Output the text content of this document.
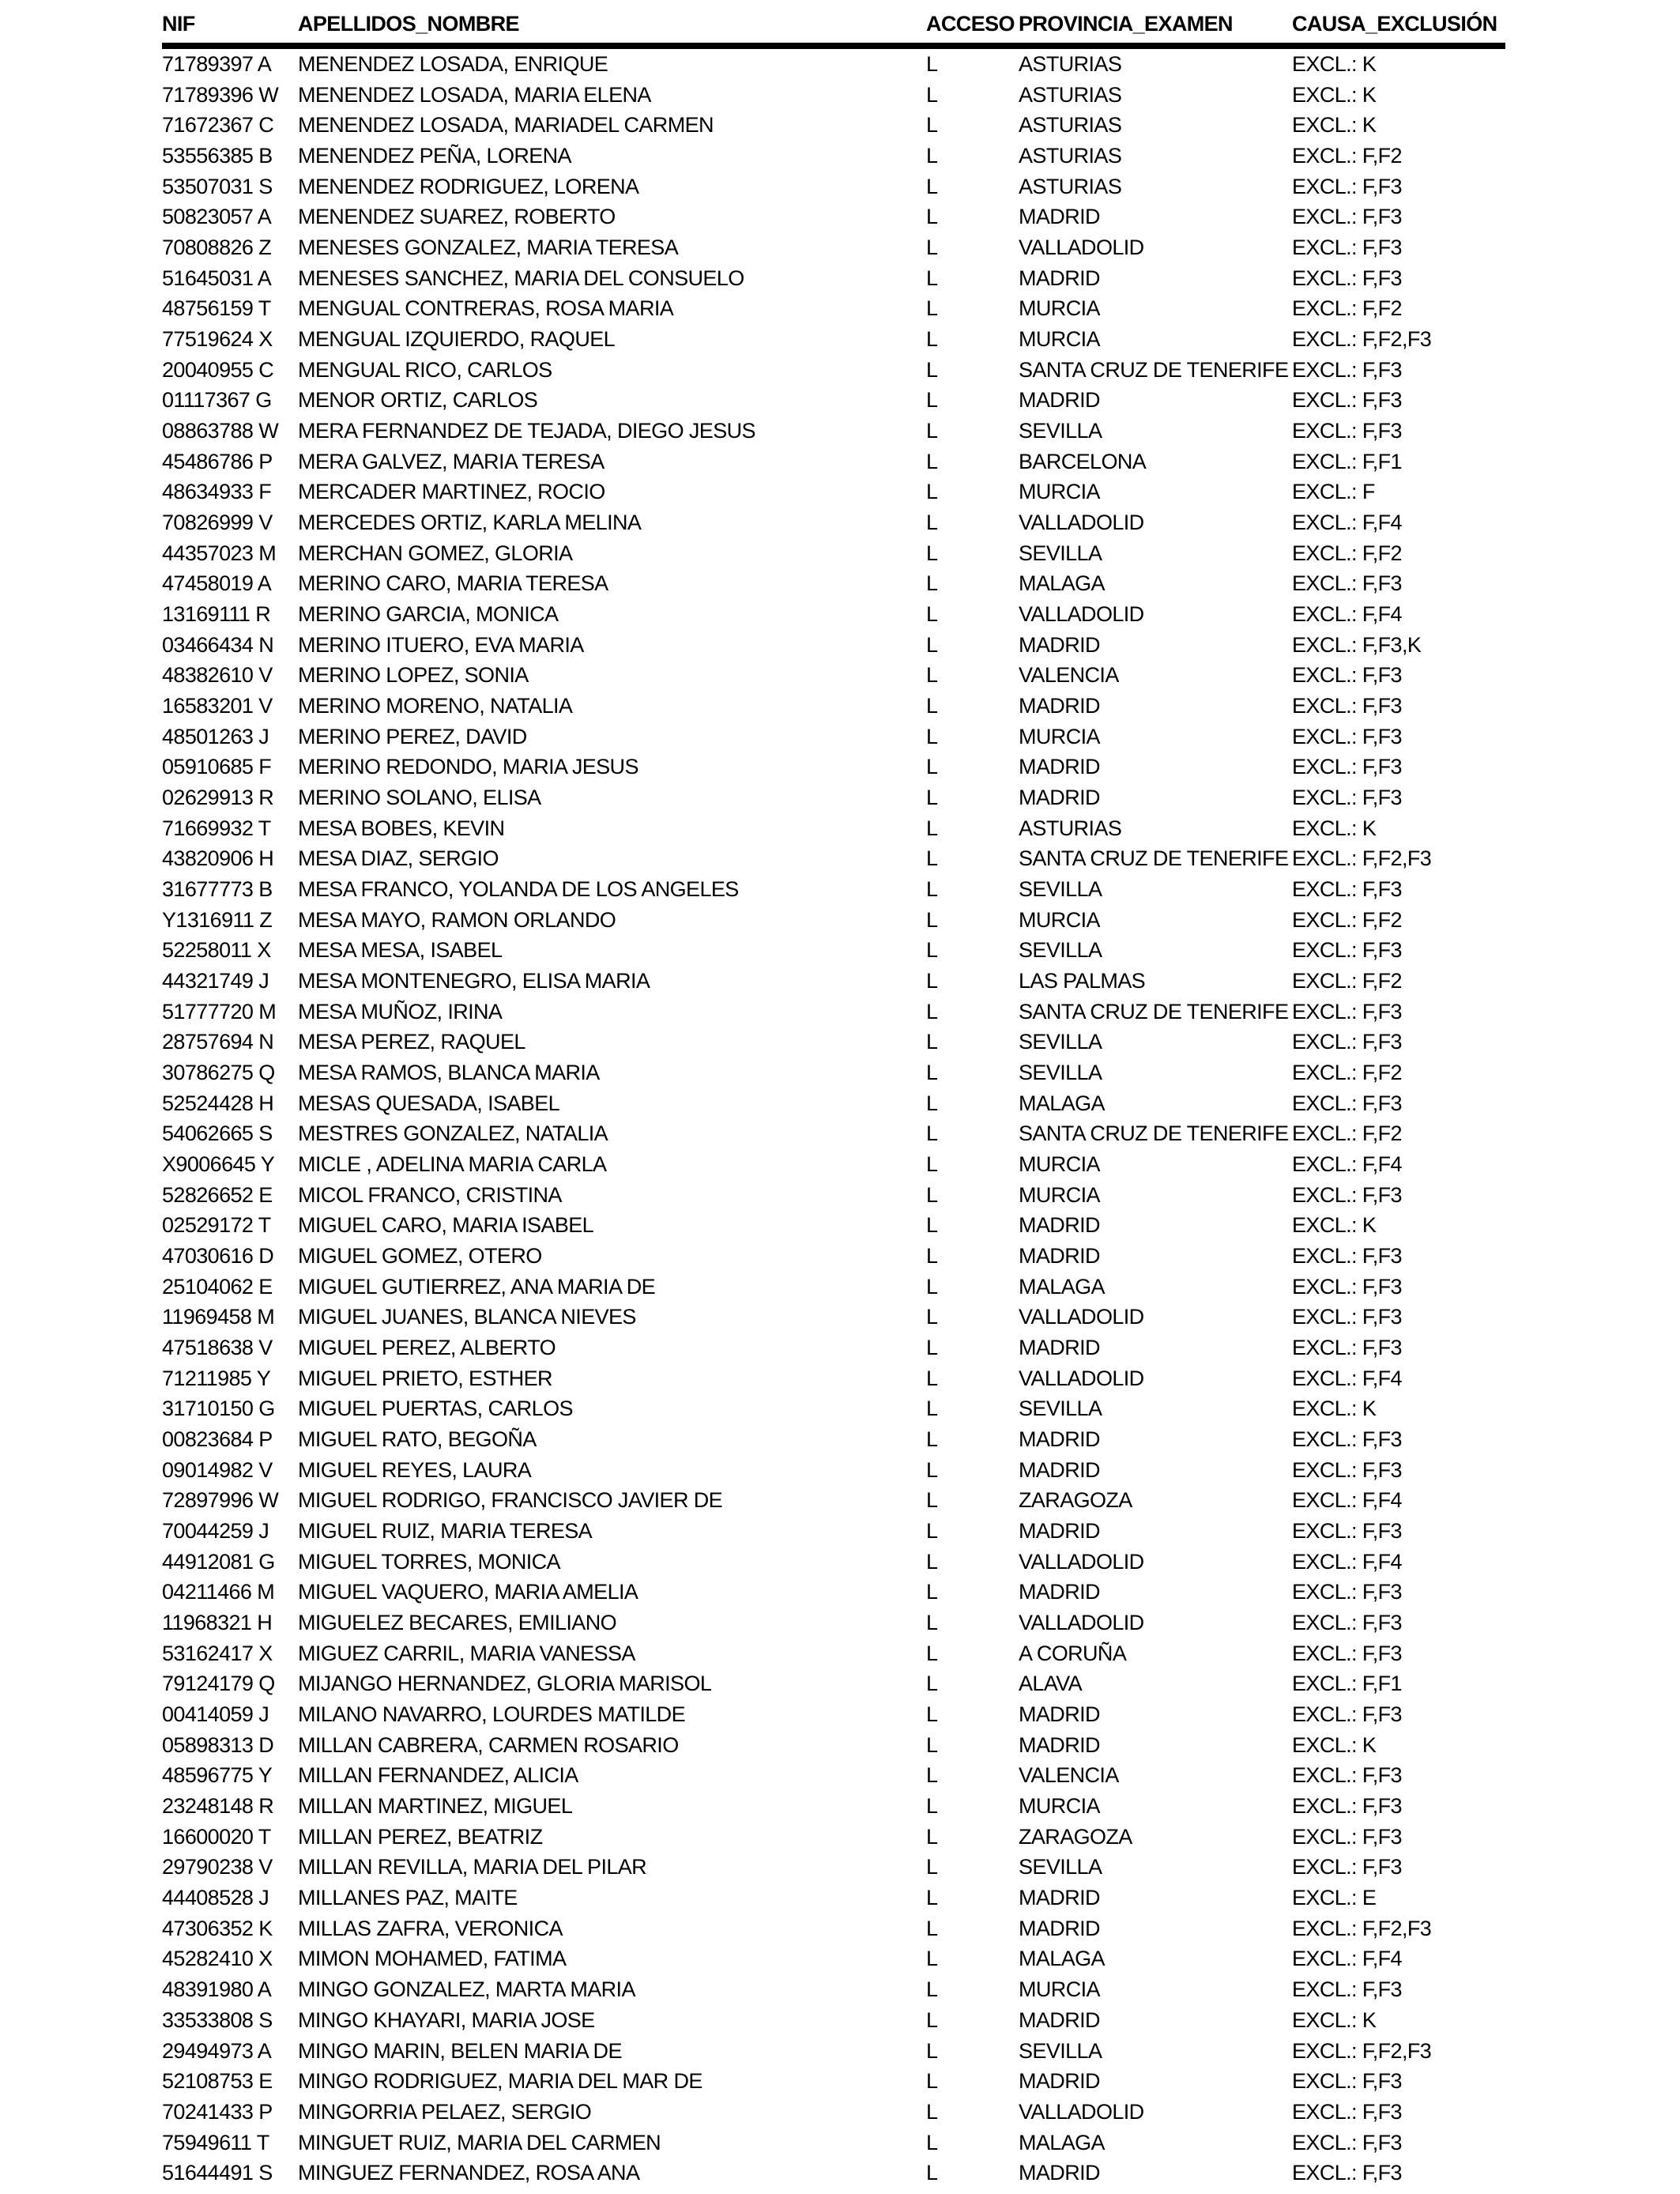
NIF	APELLIDOS_NOMBRE	ACCESO PROVINCIA_EXAMEN	CAUSA_EXCLUSIÓN
71789397 A	MENENDEZ LOSADA, ENRIQUE	L	ASTURIAS	EXCL.: K
71789396 W MENENDEZ LOSADA, MARIA ELENA	L	ASTURIAS	EXCL.: K
71672367 C	MENENDEZ LOSADA, MARIADEL CARMEN	L	ASTURIAS	EXCL.: K
53556385 B	MENENDEZ PEÑA, LORENA	L	ASTURIAS	EXCL.: F,F2
53507031 S	MENENDEZ RODRIGUEZ, LORENA	L	ASTURIAS	EXCL.: F,F3
50823057 A	MENENDEZ SUAREZ, ROBERTO	L	MADRID	EXCL.: F,F3
70808826 Z	MENESES GONZALEZ, MARIA TERESA	L	VALLADOLID	EXCL.: F,F3
51645031 A	MENESES SANCHEZ, MARIA DEL CONSUELO	L	MADRID	EXCL.: F,F3
48756159 T	MENGUAL CONTRERAS, ROSA MARIA	L	MURCIA	EXCL.: F,F2
77519624 X	MENGUAL IZQUIERDO, RAQUEL	L	MURCIA	EXCL.: F,F2,F3
20040955 C	MENGUAL RICO, CARLOS	L	SANTA CRUZ DE TENERIFE EXCL.: F,F3
01117367 G	MENOR ORTIZ, CARLOS	L	MADRID	EXCL.: F,F3
08863788 W MERA FERNANDEZ DE TEJADA, DIEGO JESUS	L	SEVILLA	EXCL.: F,F3
45486786 P	MERA GALVEZ, MARIA TERESA	L	BARCELONA	EXCL.: F,F1
48634933 F	MERCADER MARTINEZ, ROCIO	L	MURCIA	EXCL.: F
70826999 V	MERCEDES ORTIZ, KARLA MELINA	L	VALLADOLID	EXCL.: F,F4
44357023 M	MERCHAN GOMEZ, GLORIA	L	SEVILLA	EXCL.: F,F2
47458019 A	MERINO CARO, MARIA TERESA	L	MALAGA	EXCL.: F,F3
13169111 R	MERINO GARCIA, MONICA	L	VALLADOLID	EXCL.: F,F4
03466434 N	MERINO ITUERO, EVA MARIA	L	MADRID	EXCL.: F,F3,K
48382610 V	MERINO LOPEZ, SONIA	L	VALENCIA	EXCL.: F,F3
16583201 V	MERINO MORENO, NATALIA	L	MADRID	EXCL.: F,F3
48501263 J	MERINO PEREZ, DAVID	L	MURCIA	EXCL.: F,F3
05910685 F	MERINO REDONDO, MARIA JESUS	L	MADRID	EXCL.: F,F3
02629913 R	MERINO SOLANO, ELISA	L	MADRID	EXCL.: F,F3
71669932 T	MESA BOBES, KEVIN	L	ASTURIAS	EXCL.: K
43820906 H	MESA DIAZ, SERGIO	L	SANTA CRUZ DE TENERIFE EXCL.: F,F2,F3
31677773 B	MESA FRANCO, YOLANDA DE LOS ANGELES	L	SEVILLA	EXCL.: F,F3
Y1316911 Z	MESA MAYO, RAMON ORLANDO	L	MURCIA	EXCL.: F,F2
52258011 X	MESA MESA, ISABEL	L	SEVILLA	EXCL.: F,F3
44321749 J	MESA MONTENEGRO, ELISA MARIA	L	LAS PALMAS	EXCL.: F,F2
51777720 M	MESA MUÑOZ, IRINA	L	SANTA CRUZ DE TENERIFE EXCL.: F,F3
28757694 N	MESA PEREZ, RAQUEL	L	SEVILLA	EXCL.: F,F3
30786275 Q	MESA RAMOS, BLANCA MARIA	L	SEVILLA	EXCL.: F,F2
52524428 H	MESAS QUESADA, ISABEL	L	MALAGA	EXCL.: F,F3
54062665 S	MESTRES GONZALEZ, NATALIA	L	SANTA CRUZ DE TENERIFE EXCL.: F,F2
X9006645 Y	MICLE , ADELINA MARIA CARLA	L	MURCIA	EXCL.: F,F4
52826652 E	MICOL FRANCO, CRISTINA	L	MURCIA	EXCL.: F,F3
02529172 T	MIGUEL CARO, MARIA ISABEL	L	MADRID	EXCL.: K
47030616 D	MIGUEL GOMEZ, OTERO	L	MADRID	EXCL.: F,F3
25104062 E	MIGUEL GUTIERREZ, ANA MARIA DE	L	MALAGA	EXCL.: F,F3
11969458 M	MIGUEL JUANES, BLANCA NIEVES	L	VALLADOLID	EXCL.: F,F3
47518638 V	MIGUEL PEREZ, ALBERTO	L	MADRID	EXCL.: F,F3
71211985 Y	MIGUEL PRIETO, ESTHER	L	VALLADOLID	EXCL.: F,F4
31710150 G	MIGUEL PUERTAS, CARLOS	L	SEVILLA	EXCL.: K
00823684 P	MIGUEL RATO, BEGOÑA	L	MADRID	EXCL.: F,F3
09014982 V	MIGUEL REYES, LAURA	L	MADRID	EXCL.: F,F3
72897996 W MIGUEL RODRIGO, FRANCISCO JAVIER DE	L	ZARAGOZA	EXCL.: F,F4
70044259 J	MIGUEL RUIZ, MARIA TERESA	L	MADRID	EXCL.: F,F3
44912081 G	MIGUEL TORRES, MONICA	L	VALLADOLID	EXCL.: F,F4
04211466 M	MIGUEL VAQUERO, MARIA AMELIA	L	MADRID	EXCL.: F,F3
11968321 H	MIGUELEZ BECARES, EMILIANO	L	VALLADOLID	EXCL.: F,F3
53162417 X	MIGUEZ CARRIL, MARIA VANESSA	L	A CORUÑA	EXCL.: F,F3
79124179 Q	MIJANGO HERNANDEZ, GLORIA MARISOL	L	ALAVA	EXCL.: F,F1
00414059 J	MILANO NAVARRO, LOURDES MATILDE	L	MADRID	EXCL.: F,F3
05898313 D	MILLAN CABRERA, CARMEN ROSARIO	L	MADRID	EXCL.: K
48596775 Y	MILLAN FERNANDEZ, ALICIA	L	VALENCIA	EXCL.: F,F3
23248148 R	MILLAN MARTINEZ, MIGUEL	L	MURCIA	EXCL.: F,F3
16600020 T	MILLAN PEREZ, BEATRIZ	L	ZARAGOZA	EXCL.: F,F3
29790238 V	MILLAN REVILLA, MARIA DEL PILAR	L	SEVILLA	EXCL.: F,F3
44408528 J	MILLANES PAZ, MAITE	L	MADRID	EXCL.: E
47306352 K	MILLAS ZAFRA, VERONICA	L	MADRID	EXCL.: F,F2,F3
45282410 X	MIMON MOHAMED, FATIMA	L	MALAGA	EXCL.: F,F4
48391980 A	MINGO GONZALEZ, MARTA MARIA	L	MURCIA	EXCL.: F,F3
33533808 S	MINGO KHAYARI, MARIA JOSE	L	MADRID	EXCL.: K
29494973 A	MINGO MARIN, BELEN MARIA DE	L	SEVILLA	EXCL.: F,F2,F3
52108753 E	MINGO RODRIGUEZ, MARIA DEL MAR DE	L	MADRID	EXCL.: F,F3
70241433 P	MINGORRIA PELAEZ, SERGIO	L	VALLADOLID	EXCL.: F,F3
75949611 T	MINGUET RUIZ, MARIA DEL CARMEN	L	MALAGA	EXCL.: F,F3
51644491 S	MINGUEZ FERNANDEZ, ROSA ANA	L	MADRID	EXCL.: F,F3
